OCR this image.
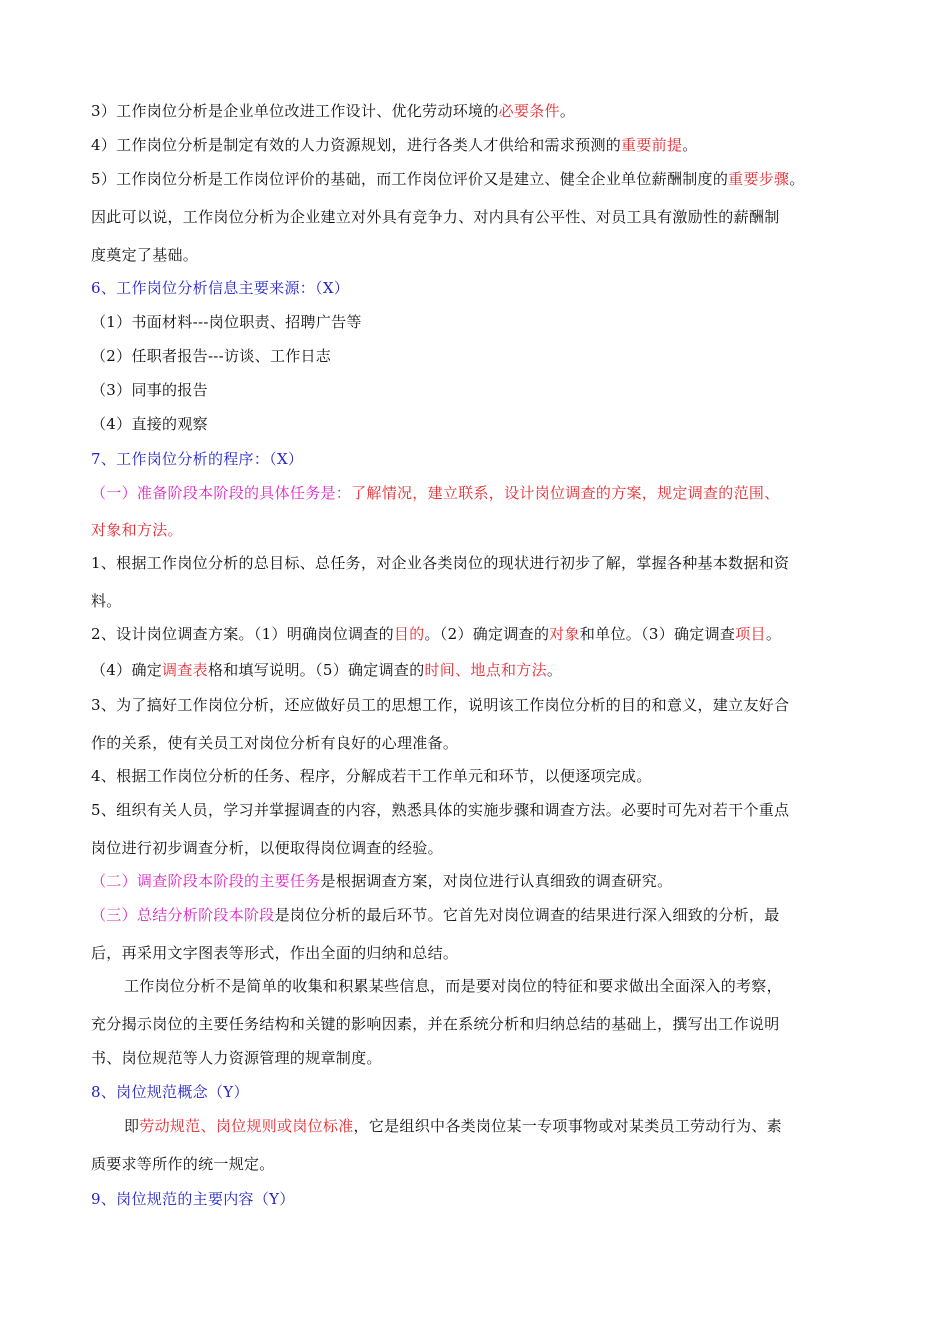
3）工作岗位分析是企业单位改进工作设计、优化劳动环境的必要条件。
4）工作岗位分析是制定有效的人力资源规划，进行各类人才供给和需求预测的重要前提。
5）工作岗位分析是工作岗位评价的基础，而工作岗位评价又是建立、健全企业单位薪酬制度的重要步骤。
因此可以说，工作岗位分析为企业建立对外具有竞争力、对内具有公平性、对员工具有激励性的薪酬制
度奠定了基础。
6、工作岗位分析信息主要来源：（X）
（1）书面材料---岗位职责、招聘广告等
（2）任职者报告---访谈、工作日志
（3）同事的报告
（4）直接的观察
7、工作岗位分析的程序：（X）
（一）准备阶段本阶段的具体任务是：了解情况，建立联系，设计岗位调查的方案，规定调查的范围、
对象和方法。
1、根据工作岗位分析的总目标、总任务，对企业各类岗位的现状进行初步了解，掌握各种基本数据和资
料。
2、设计岗位调查方案。（1）明确岗位调查的目的。（2）确定调查的对象和单位。（3）确定调查项目。
（4）确定调查表格和填写说明。（5）确定调查的时间、地点和方法。
3、为了搞好工作岗位分析，还应做好员工的思想工作，说明该工作岗位分析的目的和意义，建立友好合
作的关系，使有关员工对岗位分析有良好的心理准备。
4、根据工作岗位分析的任务、程序，分解成若干工作单元和环节，以便逐项完成。
5、组织有关人员，学习并掌握调查的内容，熟悉具体的实施步骤和调查方法。必要时可先对若干个重点
岗位进行初步调查分析，以便取得岗位调查的经验。
（二）调查阶段本阶段的主要任务是根据调查方案，对岗位进行认真细致的调查研究。
（三）总结分析阶段本阶段是岗位分析的最后环节。它首先对岗位调查的结果进行深入细致的分析，最
后，再采用文字图表等形式，作出全面的归纳和总结。
工作岗位分析不是简单的收集和积累某些信息，而是要对岗位的特征和要求做出全面深入的考察，
充分揭示岗位的主要任务结构和关键的影响因素，并在系统分析和归纳总结的基础上，撰写出工作说明
书、岗位规范等人力资源管理的规章制度。
8、岗位规范概念（Y）
即劳动规范、岗位规则或岗位标准，它是组织中各类岗位某一专项事物或对某类员工劳动行为、素
质要求等所作的统一规定。
9、岗位规范的主要内容（Y）
